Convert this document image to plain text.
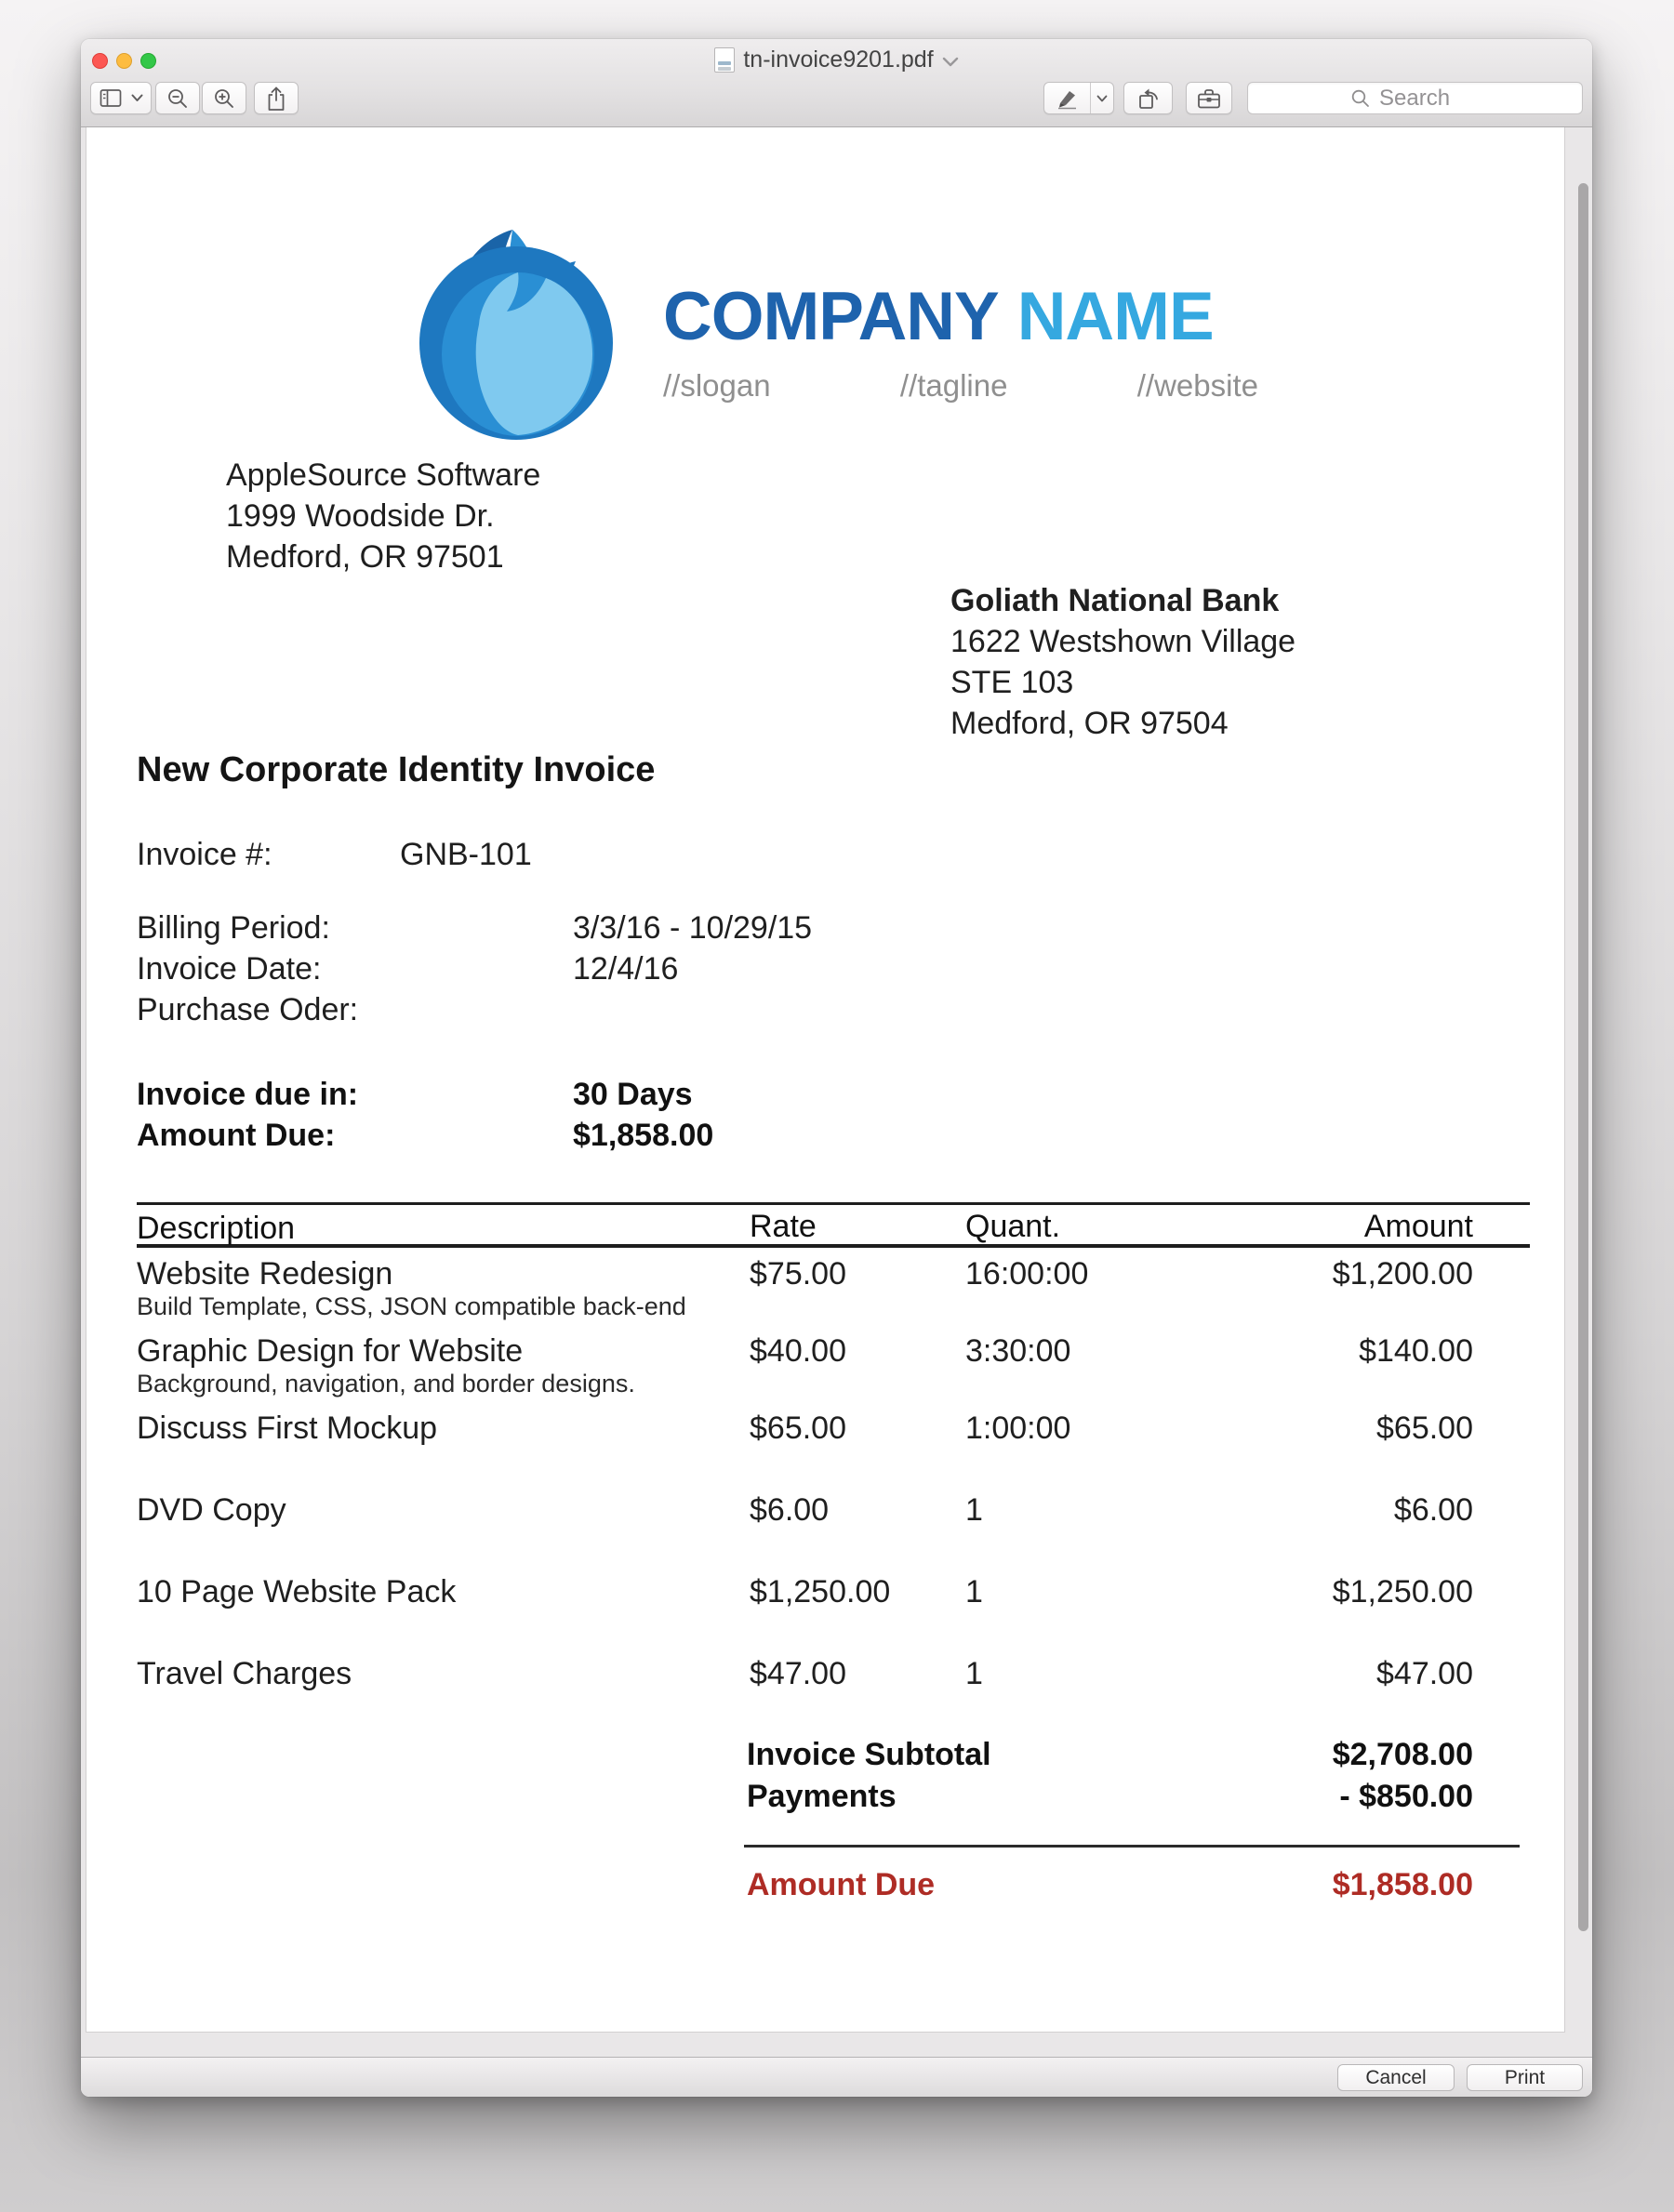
tn-invoice9201.pdf
Search
COMPANY NAME
//slogan	//tagline	//website
AppleSource Software
1999 Woodside Dr.
Medford, OR 97501
Goliath National Bank
1622 Westshown Village
STE 103
Medford, OR 97504
New Corporate Identity Invoice
Invoice #:	GNB-101
Billing Period:	3/3/16 - 10/29/15
Invoice Date:	12/4/16
Purchase Oder:
Invoice due in:	30 Days
Amount Due:	$1,858.00
Description	Rate	Quant.	Amount
Website Redesign	$75.00	16:00:00	$1,200.00
Build Template, CSS, JSON compatible back-end
Graphic Design for Website	$40.00	3:30:00	$140.00
Background, navigation, and border designs.
Discuss First Mockup	$65.00	1:00:00	$65.00
DVD Copy	$6.00	1	$6.00
10 Page Website Pack	$1,250.00 1	$1,250.00
Travel Charges	$47.00	1	$47.00
Invoice Subtotal	$2,708.00
Payments	- $850.00
Amount Due	$1,858.00
Cancel	Print
